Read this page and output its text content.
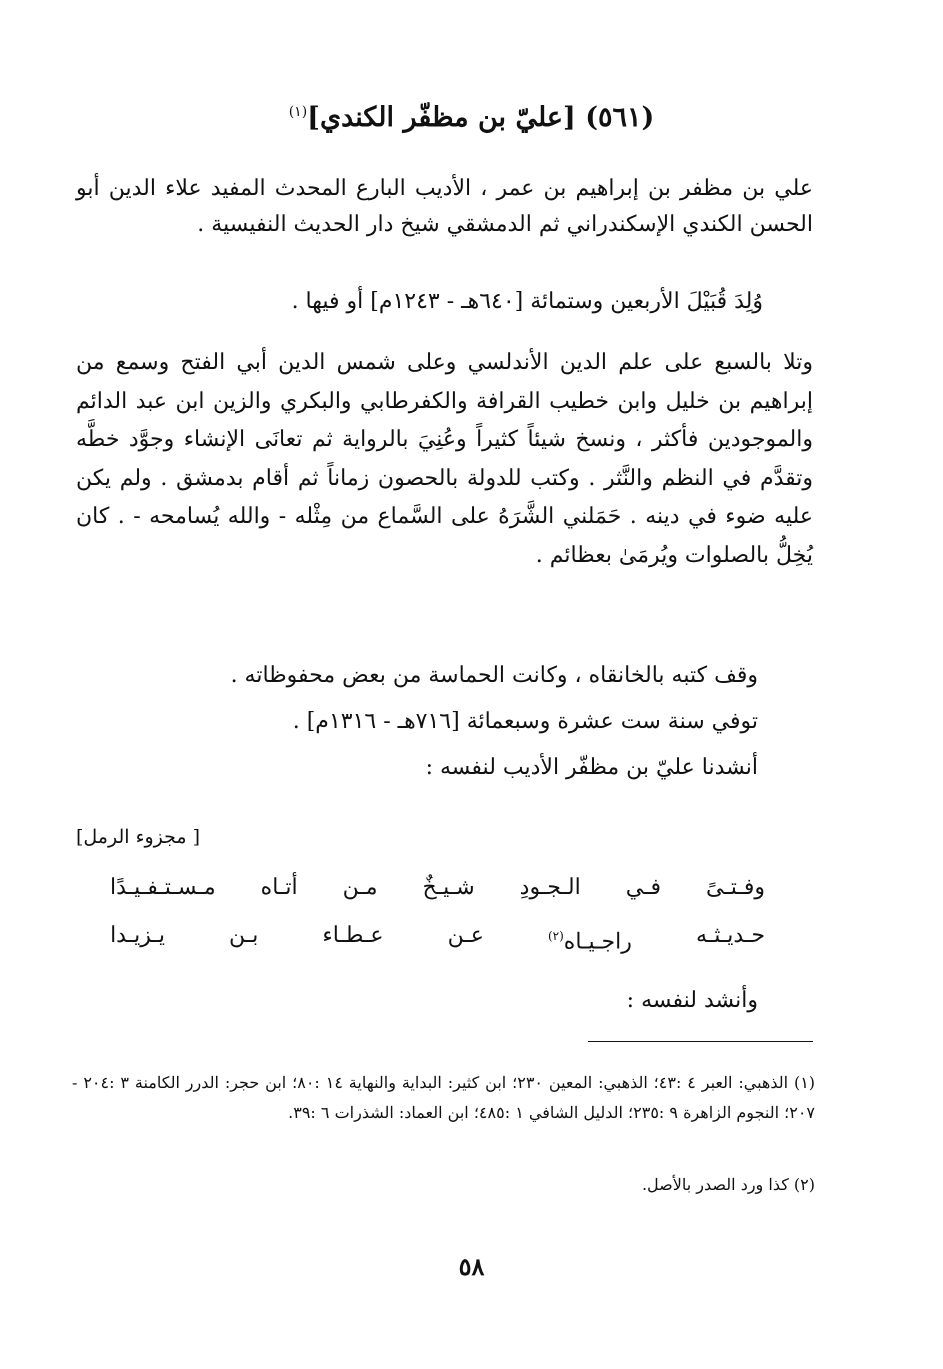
(٥٦١) [عليّ بن مظفّر الكندي]$^{(١)}$
علي بن مظفر بن إبراهيم بن عمر ، الأديب البارع المحدث المفيد علاء الدين أبو الحسن الكندي الإسكندراني ثم الدمشقي شيخ دار الحديث النفيسية .
وُلِدَ قُبَيْلَ الأربعين وستمائة [٦٤٠هـ - ١٢٤٣م] أو فيها .
وتلا بالسبع على علم الدين الأندلسي وعلى شمس الدين أبي الفتح وسمع من إبراهيم بن خليل وابن خطيب القرافة والكفرطابي والبكري والزين ابن عبد الدائم والموجودين فأكثر ، ونسخ شيئاً كثيراً وعُنِيَ بالرواية ثم تعانَى الإنشاء وجوَّد خطَّه وتقدَّم في النظم والنَّثر . وكتب للدولة بالحصون زماناً ثم أقام بدمشق . ولم يكن عليه ضوء في دينه . حَمَلني الشَّرَهُ على السَّماع من مِثْله - والله يُسامحه - . كان يُخِلُّ بالصلوات ويُرمَىٰ بعظائم .
وقف كتبه بالخانقاه ، وكانت الحماسة من بعض محفوظاته .
توفي سنة ست عشرة وسبعمائة [٧١٦هـ - ١٣١٦م] .
أنشدنا عليّ بن مظفّر الأديب لنفسه :
[ مجزوء الرمل]
وفـتـىً
فـي
الـجـودِ
شـيـخٌ
مـن
أتـاه
مـسـتـفـيـدًا
حـديـثـه
راجـيـاه$^{(٢)}$
عـن
عـطـاء
بـن
يـزيـدا
وأنشد لنفسه :
(١) الذهبي: العبر ٤ :٤٣؛ الذهبي: المعين ٢٣٠؛ ابن كثير: البداية والنهاية ١٤ :٨٠؛ ابن حجر: الدرر الكامنة ٣ :٢٠٤ - ٢٠٧؛ النجوم الزاهرة ٩ :٢٣٥؛ الدليل الشافي ١ :٤٨٥؛ ابن العماد: الشذرات ٦ :٣٩.
(٢) كذا ورد الصدر بالأصل.
٥٨
